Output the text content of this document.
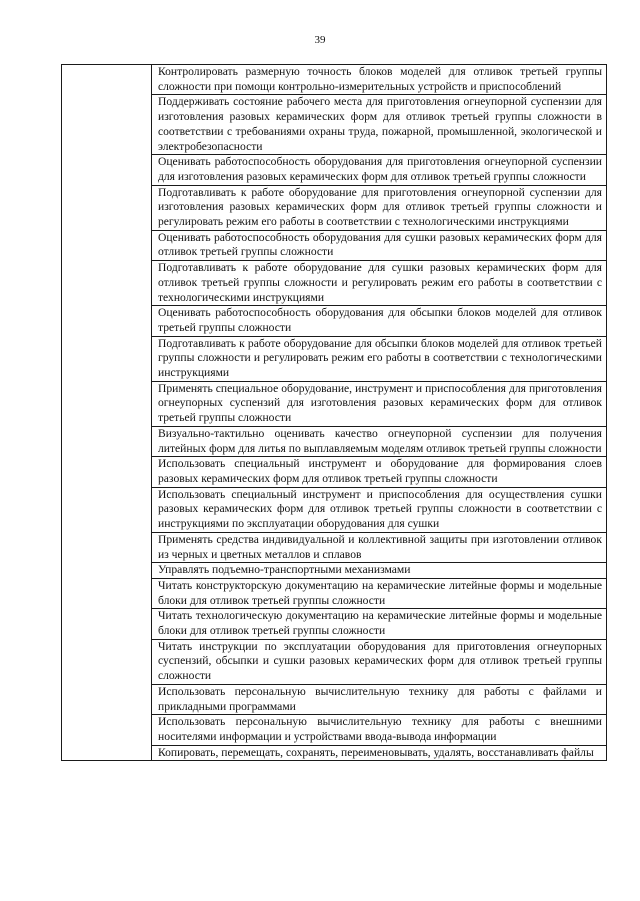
39

Контролировать размерную точность блоков моделей для отливок третьей группы сложности при помощи контрольно-измерительных устройств и приспособлений

Поддерживать состояние рабочего места для приготовления огнеупорной суспензии для изготовления разовых керамических форм для отливок третьей группы сложности в соответствии с требованиями охраны труда, пожарной, промышленной, экологической и электробезопасности

Оценивать работоспособность оборудования для приготовления огнеупорной суспензии для изготовления разовых керамических форм для отливок третьей группы сложности

Подготавливать к работе оборудование для приготовления огнеупорной суспензии для изготовления разовых керамических форм для отливок третьей группы сложности и регулировать режим его работы в соответствии с технологическими инструкциями

Оценивать работоспособность оборудования для сушки разовых керамических форм для отливок третьей группы сложности

Подготавливать к работе оборудование для сушки разовых керамических форм для отливок третьей группы сложности и регулировать режим его работы в соответствии с технологическими инструкциями

Оценивать работоспособность оборудования для обсыпки блоков моделей для отливок третьей группы сложности

Подготавливать к работе оборудование для обсыпки блоков моделей для отливок третьей группы сложности и регулировать режим его работы в соответствии с технологическими инструкциями

Применять специальное оборудование, инструмент и приспособления для приготовления огнеупорных суспензий для изготовления разовых керамических форм для отливок третьей группы сложности

Визуально-тактильно оценивать качество огнеупорной суспензии для получения литейных форм для литья по выплавляемым моделям отливок третьей группы сложности

Использовать специальный инструмент и оборудование для формирования слоев разовых керамических форм для отливок третьей группы сложности

Использовать специальный инструмент и приспособления для осуществления сушки разовых керамических форм для отливок третьей группы сложности в соответствии с инструкциями по эксплуатации оборудования для сушки

Применять средства индивидуальной и коллективной защиты при изготовлении отливок из черных и цветных металлов и сплавов

Управлять подъемно-транспортными механизмами

Читать конструкторскую документацию на керамические литейные формы и модельные блоки для отливок третьей группы сложности

Читать технологическую документацию на керамические литейные формы и модельные блоки для отливок третьей группы сложности

Читать инструкции по эксплуатации оборудования для приготовления огнеупорных суспензий, обсыпки и сушки разовых керамических форм для отливок третьей группы сложности

Использовать персональную вычислительную технику для работы с файлами и прикладными программами

Использовать персональную вычислительную технику для работы с внешними носителями информации и устройствами ввода-вывода информации

Копировать, перемещать, сохранять, переименовывать, удалять, восстанавливать файлы
